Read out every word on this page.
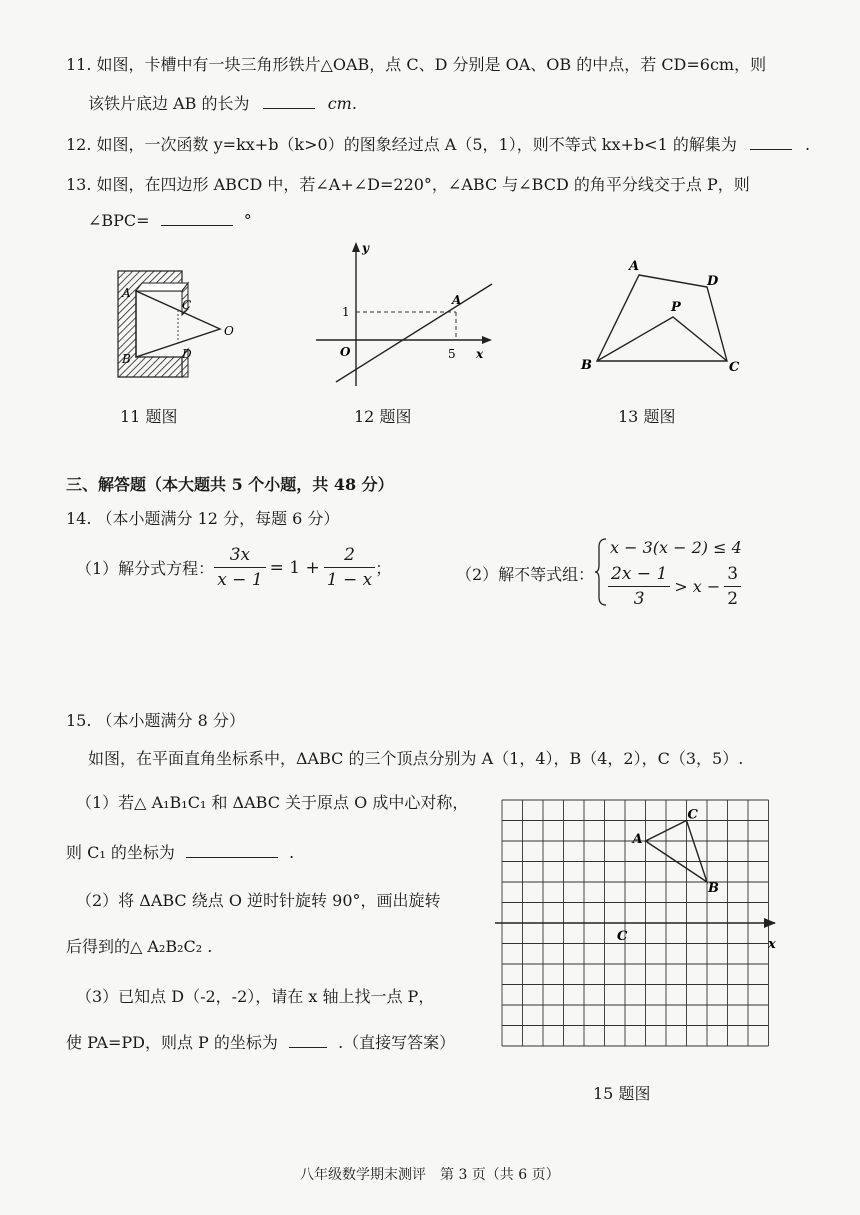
11. 如图，卡槽中有一块三角形铁片△OAB，点 C、D 分别是 OA、OB 的中点，若 CD=6cm，则
该铁片底边 AB 的长为	cm.
12. 如图，一次函数 y=kx+b（k>0）的图象经过点 A（5，1），则不等式 kx+b<1 的解集为	.
13. 如图，在四边形 ABCD 中，若∠A+∠D=220°，∠ABC 与∠BCD 的角平分线交于点 P，则
∠BPC=	°
A
B
C
D
O
11 题图
y
x
O
1
5
A
12 题图
A
D
P
B	C
13 题图
三、解答题（本大题共 5 个小题，共 48 分）
14. （本小题满分 12 分，每题 6 分）
（1）解分式方程： $\frac{3x}{x - 1} = 1 + \frac{2}{1 - x}$ ；	（2）解不等式组：
x − 3(x − 2) ≤ 4
$\frac{2x - 1}{3} > x - \frac{3}{2}$
15. （本小题满分 8 分）
如图，在平面直角坐标系中，ΔABC 的三个顶点分别为 A（1，4），B（4，2），C（3，5）.
（1）若△ A₁B₁C₁ 和 ΔABC 关于原点 O 成中心对称，
则 C₁ 的坐标为	.
（2）将 ΔABC 绕点 O 逆时针旋转 90°，画出旋转
后得到的△ A₂B₂C₂ .
（3）已知点 D（-2，-2），请在 x 轴上找一点 P，
使 PA=PD，则点 P 的坐标为	.（直接写答案）
A
B
C
C
x
15 题图
八年级数学期末测评　第 3 页（共 6 页）
